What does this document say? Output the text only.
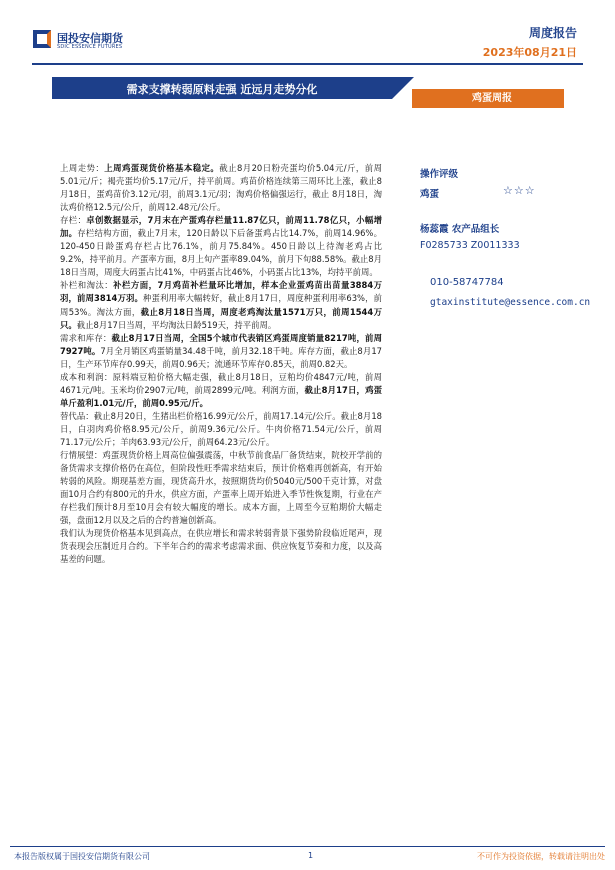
国投安信期货
SDIC ESSENCE FUTURES
周度报告
2023年08月21日
需求支撑转弱原料走强 近远月走势分化
鸡蛋周报

上周走势：上周鸡蛋现货价格基本稳定。截止8月20日粉壳蛋均价5.04元/斤，前周5.01元/斤；褐壳蛋均价5.17元/斤，持平前周。鸡苗价格连续第三周环比上涨，截止8月18日，蛋鸡苗价3.12元/羽，前周3.1元/羽；淘鸡价格偏强运行，截止 8月18日，淘汰鸡价格12.5元/公斤，前周12.48元/公斤。

存栏：卓创数据显示，7月末在产蛋鸡存栏量11.87亿只，前周11.78亿只，小幅增加。存栏结构方面，截止7月末，120日龄以下后备蛋鸡占比14.7%，前周14.96%。120-450日龄蛋鸡存栏占比76.1%，前月75.84%。450日龄以上待淘老鸡占比9.2%，持平前月。产蛋率方面，8月上旬产蛋率89.04%，前月下旬88.58%。截止8月18日当周，周度大码蛋占比41%，中码蛋占比46%，小码蛋占比13%，均持平前周。

补栏和淘汰：补栏方面，7月鸡苗补栏量环比增加，样本企业蛋鸡苗出苗量3884万羽，前周3814万羽。种蛋利用率大幅转好，截止8月17日，周度种蛋利用率63%，前周53%。淘汰方面，截止8月18日当周，周度老鸡淘汰量1571万只，前周1544万只。截止8月17日当周，平均淘汰日龄519天，持平前周。

需求和库存：截止8月17日当周，全国5个城市代表销区鸡蛋周度销量8217吨，前周 7927吨。7月全月销区鸡蛋销量34.48千吨，前月32.18千吨。库存方面，截止8月17日，生产环节库存0.99天，前周0.96天；流通环节库存0.85天，前周0.82天。

成本和利润：原料端豆粕价格大幅走强，截止8月18日，豆粕均价4847元/吨，前周4671元/吨。玉米均价2907元/吨，前周2899元/吨。利润方面，截止8月17日，鸡蛋单斤盈利1.01元/斤，前周0.95元/斤。

替代品：截止8月20日，生猪出栏价格16.99元/公斤，前周17.14元/公斤。截止8月18日，白羽肉鸡价格8.95元/公斤，前周9.36元/公斤。牛肉价格71.54元/公斤，前周71.17元/公斤；羊肉63.93元/公斤，前周64.23元/公斤。

行情展望：鸡蛋现货价格上周高位偏强震荡，中秋节前食品厂备货结束，院校开学前的备货需求支撑价格仍在高位，但阶段性旺季需求结束后，预计价格难再创新高，有开始转弱的风险。期现基差方面，现货高升水，按照期货均价5040元/500千克计算，对盘面10月合约有800元的升水，供应方面，产蛋率上周开始进入季节性恢复期，行业在产存栏我们预计8月至10月会有较大幅度的增长。成本方面，上周至今豆粕期价大幅走强，盘面12月以及之后的合约普遍创新高。

我们认为现货价格基本见到高点，在供应增长和需求转弱背景下强势阶段临近尾声，现货表现会压制近月合约。下半年合约的需求考虑需求面、供应恢复节奏和力度，以及高基差的问题。

操作评级
鸡蛋	☆☆☆
杨蕊霞 农产品组长
F0285733 Z0011333
010-58747784
gtaxinstitute@essence.com.cn
本报告版权属于国投安信期货有限公司	1	不可作为投资依据，转载请注明出处
